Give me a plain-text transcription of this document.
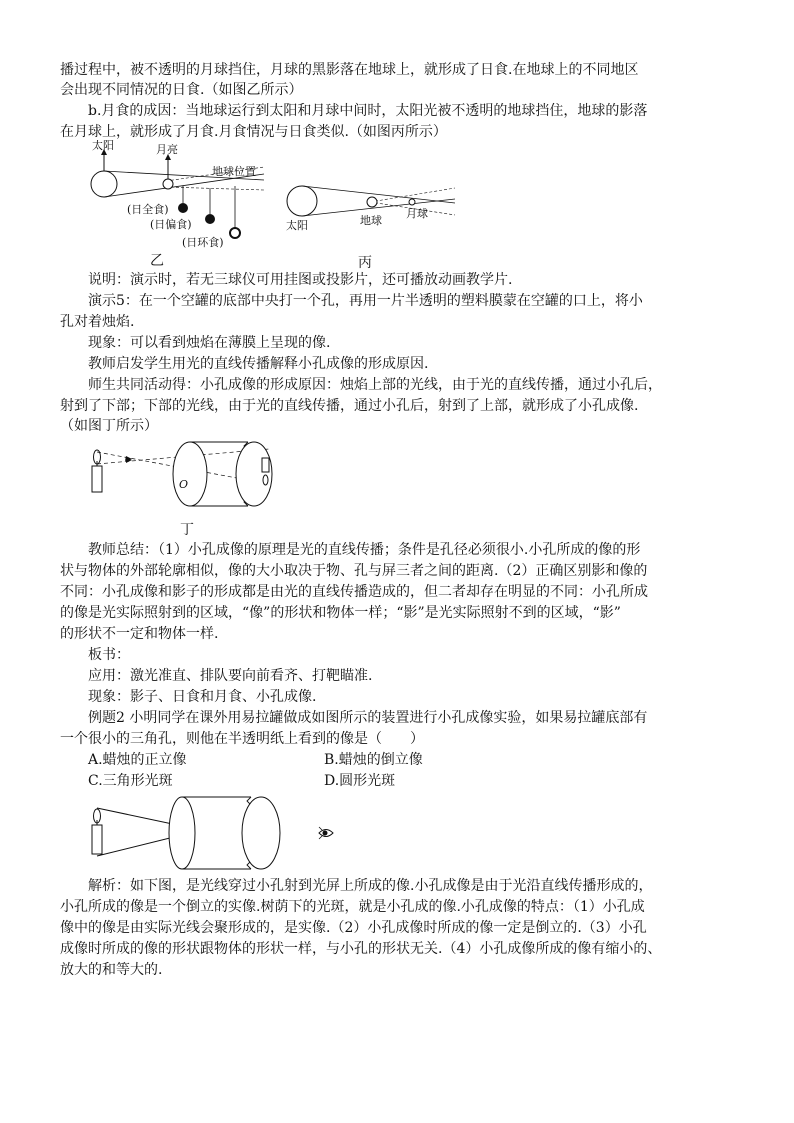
播过程中，被不透明的月球挡住，月球的黑影落在地球上，就形成了日食.在地球上的不同地区
会出现不同情况的日食.（如图乙所示）
b.月食的成因：当地球运行到太阳和月球中间时，太阳光被不透明的地球挡住，地球的影落
在月球上，就形成了月食.月食情况与日食类似.（如图丙所示）
太阳	月亮
地球位置
(日全食)
(日偏食)
(日环食)
乙
太阳	地球
月球
丙
说明：演示时，若无三球仪可用挂图或投影片，还可播放动画教学片.
演示5：在一个空罐的底部中央打一个孔，再用一片半透明的塑料膜蒙在空罐的口上，将小
孔对着烛焰.
现象：可以看到烛焰在薄膜上呈现的像.
教师启发学生用光的直线传播解释小孔成像的形成原因.
师生共同活动得：小孔成像的形成原因：烛焰上部的光线，由于光的直线传播，通过小孔后，
射到了下部；下部的光线，由于光的直线传播，通过小孔后，射到了上部，就形成了小孔成像.
（如图丁所示）
O
丁
教师总结：（1）小孔成像的原理是光的直线传播；条件是孔径必须很小.小孔所成的像的形
状与物体的外部轮廓相似，像的大小取决于物、孔与屏三者之间的距离.（2）正确区别影和像的
不同：小孔成像和影子的形成都是由光的直线传播造成的，但二者却存在明显的不同：小孔所成
的像是光实际照射到的区域，“像”的形状和物体一样；“影”是光实际照射不到的区域，“影”
的形状不一定和物体一样.
板书：
应用：激光准直、排队要向前看齐、打靶瞄准.
现象：影子、日食和月食、小孔成像.
例题2 小明同学在课外用易拉罐做成如图所示的装置进行小孔成像实验，如果易拉罐底部有
一个很小的三角孔，则他在半透明纸上看到的像是（　　）
A.蜡烛的正立像	B.蜡烛的倒立像
C.三角形光斑	D.圆形光斑
解析：如下图，是光线穿过小孔射到光屏上所成的像.小孔成像是由于光沿直线传播形成的，
小孔所成的像是一个倒立的实像.树荫下的光斑，就是小孔成的像.小孔成像的特点：（1）小孔成
像中的像是由实际光线会聚形成的，是实像.（2）小孔成像时所成的像一定是倒立的.（3）小孔
成像时所成的像的形状跟物体的形状一样，与小孔的形状无关.（4）小孔成像所成的像有缩小的、
放大的和等大的.
